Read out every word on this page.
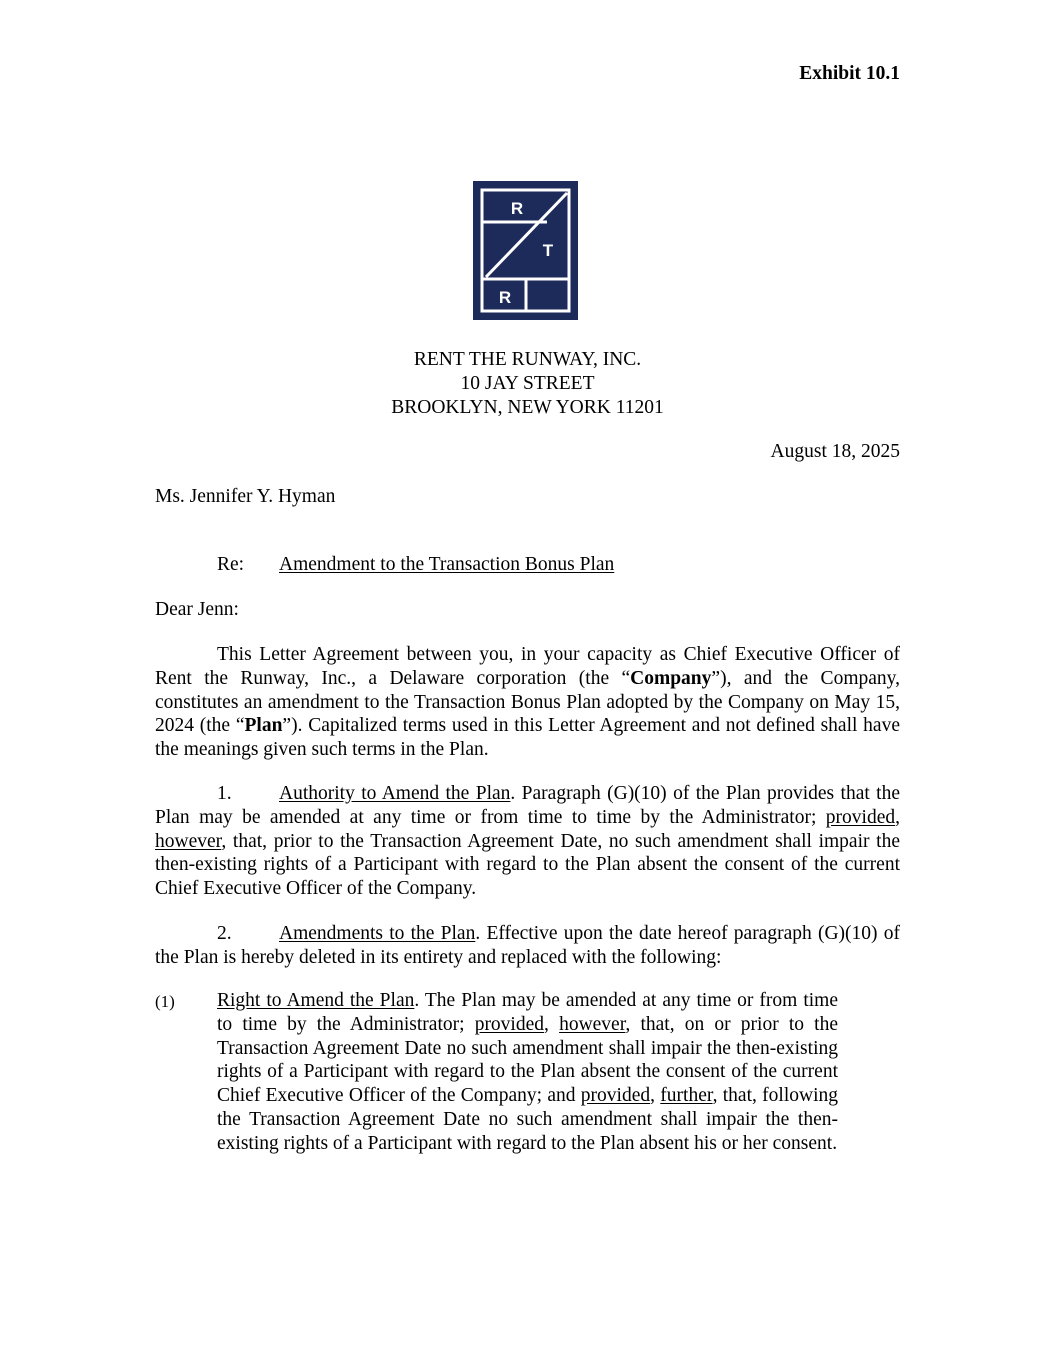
Exhibit 10.1
R
T
R
RENT THE RUNWAY, INC.
10 JAY STREET
BROOKLYN, NEW YORK 11201
August 18, 2025
Ms. Jennifer Y. Hyman
Re: Amendment to the Transaction Bonus Plan
Dear Jenn:

This Letter Agreement between you, in your capacity as Chief Executive Officer of Rent the Runway, Inc., a Delaware corporation (the “Company”), and the Company, constitutes an amendment to the Transaction Bonus Plan adopted by the Company on May 15, 2024 (the “Plan”). Capitalized terms used in this Letter Agreement and not defined shall have the meanings given such terms in the Plan.

1. Authority to Amend the Plan. Paragraph (G)(10) of the Plan provides that the Plan may be amended at any time or from time to time by the Administrator; provided, however, that, prior to the Transaction Agreement Date, no such amendment shall impair the then-existing rights of a Participant with regard to the Plan absent the consent of the current Chief Executive Officer of the Company.

2. Amendments to the Plan. Effective upon the date hereof paragraph (G)(10) of the Plan is hereby deleted in its entirety and replaced with the following:

(1) Right to Amend the Plan. The Plan may be amended at any time or from time to time by the Administrator; provided, however, that, on or prior to the Transaction Agreement Date no such amendment shall impair the then-existing rights of a Participant with regard to the Plan absent the consent of the current Chief Executive Officer of the Company; and provided, further, that, following the Transaction Agreement Date no such amendment shall impair the then-existing rights of a Participant with regard to the Plan absent his or her consent.
